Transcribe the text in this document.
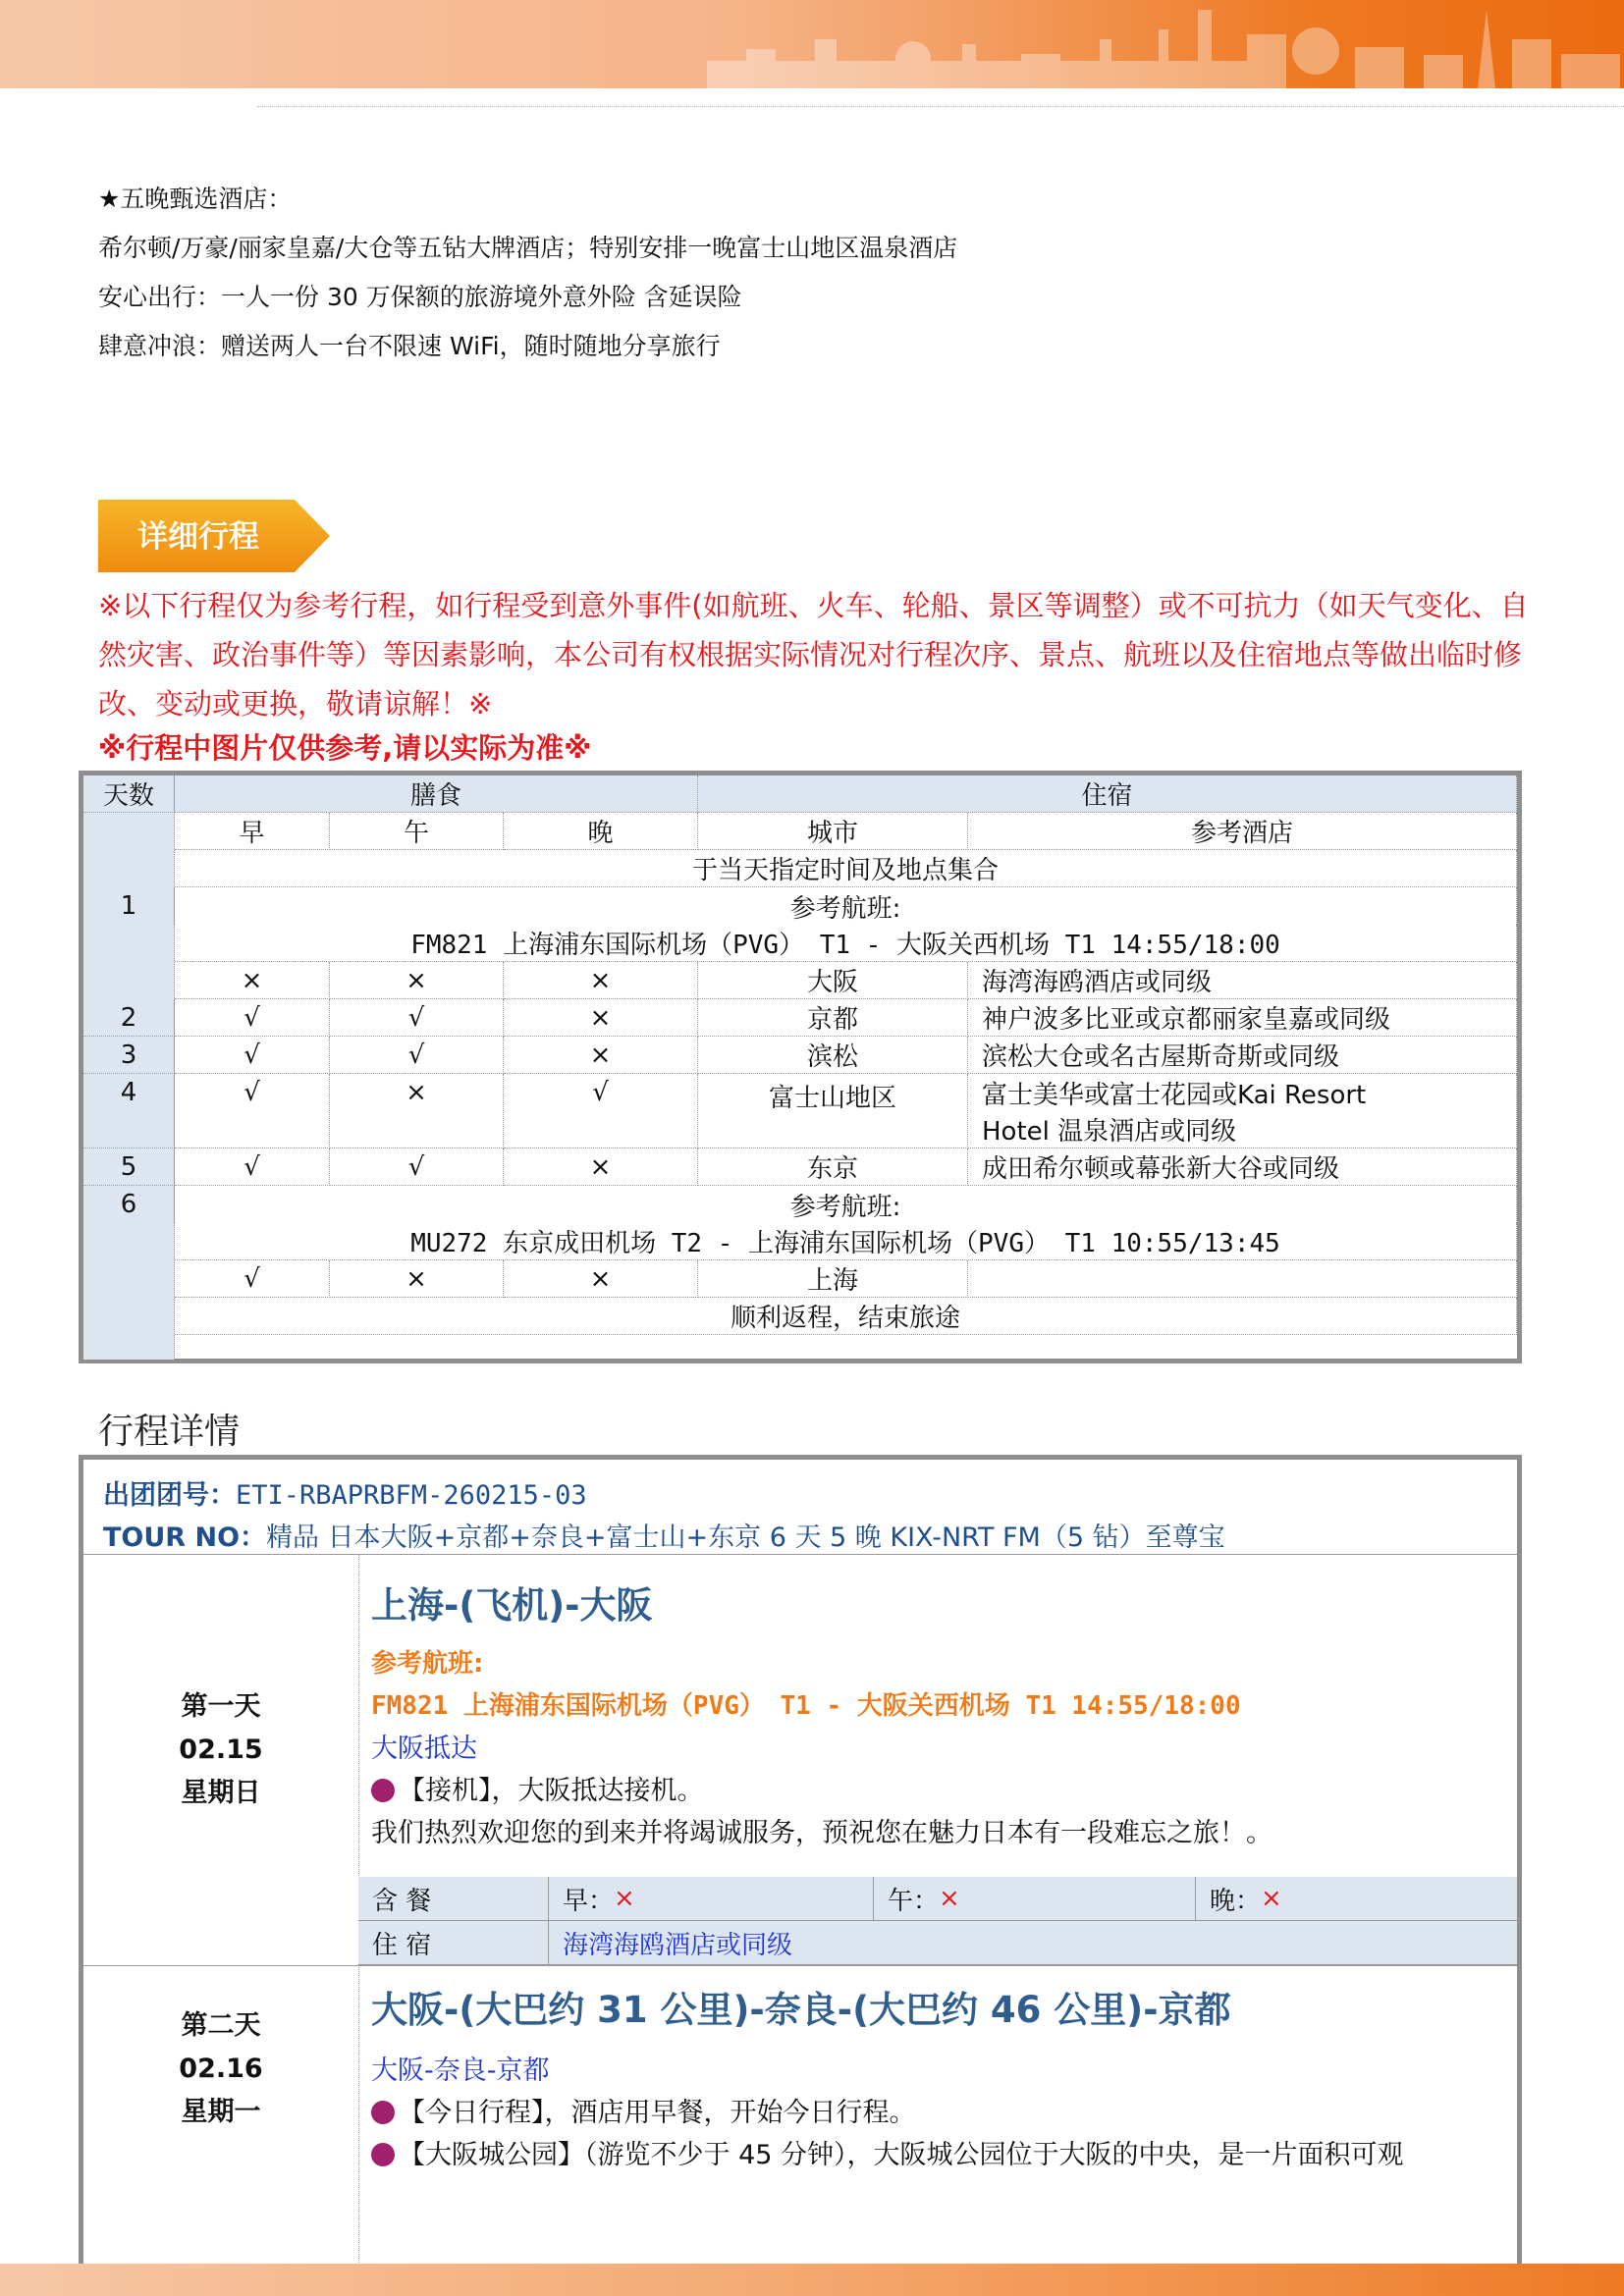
★五晚甄选酒店：
希尔顿/万豪/丽家皇嘉/大仓等五钻大牌酒店；特别安排一晚富士山地区温泉酒店
安心出行：一人一份 30 万保额的旅游境外意外险 含延误险
肆意冲浪：赠送两人一台不限速 WiFi，随时随地分享旅行
详细行程
※以下行程仅为参考行程，如行程受到意外事件(如航班、火车、轮船、景区等调整）或不可抗力（如天气变化、自然灾害、政治事件等）等因素影响，本公司有权根据实际情况对行程次序、景点、航班以及住宿地点等做出临时修改、变动或更换，敬请谅解！※
※行程中图片仅供参考,请以实际为准※
天数	膳食	住宿
早	午	晚	城市	参考酒店
于当天指定时间及地点集合
1	参考航班:
FM821 上海浦东国际机场（PVG） T1 - 大阪关西机场 T1 14:55/18:00
×	×	×	大阪	海湾海鸥酒店或同级
2	√	√	×	京都	神户波多比亚或京都丽家皇嘉或同级
3	√	√	×	滨松	滨松大仓或名古屋斯奇斯或同级
4	√	×	√	富士山地区	富士美华或富士花园或Kai Resort
Hotel 温泉酒店或同级
5	√	√	×	东京	成田希尔顿或幕张新大谷或同级
6	参考航班:
MU272 东京成田机场 T2 - 上海浦东国际机场（PVG） T1 10:55/13:45
√	×	×	上海
顺利返程，结束旅途
行程详情
出团团号：ETI-RBAPRBFM-260215-03
TOUR NO：精品 日本大阪+京都+奈良+富士山+东京 6 天 5 晚 KIX-NRT FM（5 钻）至尊宝
第一天
02.15
星期日
上海-(飞机)-大阪
参考航班:
FM821 上海浦东国际机场（PVG） T1 - 大阪关西机场 T1 14:55/18:00
大阪抵达
【接机】，大阪抵达接机。
我们热烈欢迎您的到来并将竭诚服务，预祝您在魅力日本有一段难忘之旅！。
含 餐	早： ×	午： ×	晚： ×
住 宿	海湾海鸥酒店或同级
第二天
02.16
星期一
大阪-(大巴约 31 公里)-奈良-(大巴约 46 公里)-京都
大阪-奈良-京都
【今日行程】，酒店用早餐，开始今日行程。
【大阪城公园】（游览不少于 45 分钟），大阪城公园位于大阪的中央，是一片面积可观
